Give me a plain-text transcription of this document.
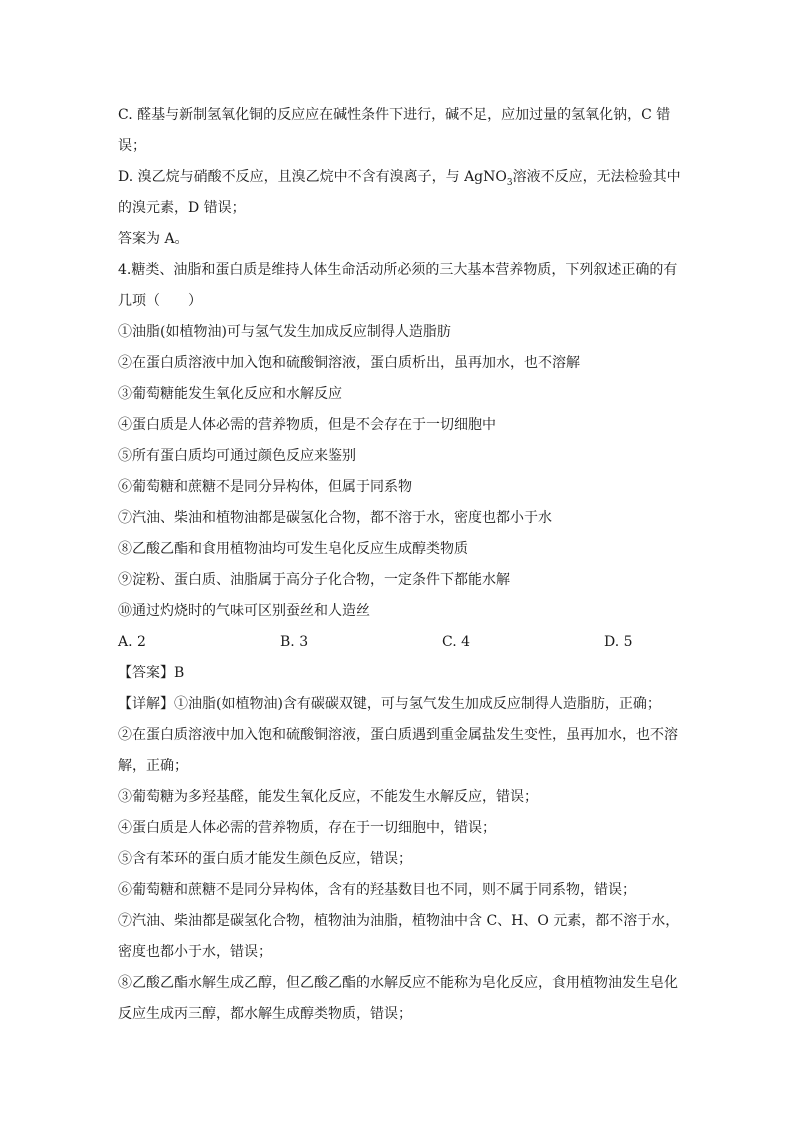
C. 醛基与新制氢氧化铜的反应应在碱性条件下进行，碱不足，应加过量的氢氧化钠，C 错
误；
D. 溴乙烷与硝酸不反应，且溴乙烷中不含有溴离子，与 AgNO$_3$溶液不反应，无法检验其中
的溴元素，D 错误；
答案为 A。
4.糖类、油脂和蛋白质是维持人体生命活动所必须的三大基本营养物质，下列叙述正确的有
几项（　　）
①油脂(如植物油)可与氢气发生加成反应制得人造脂肪
②在蛋白质溶液中加入饱和硫酸铜溶液，蛋白质析出，虽再加水，也不溶解
③葡萄糖能发生氧化反应和水解反应
④蛋白质是人体必需的营养物质，但是不会存在于一切细胞中
⑤所有蛋白质均可通过颜色反应来鉴别
⑥葡萄糖和蔗糖不是同分异构体，但属于同系物
⑦汽油、柴油和植物油都是碳氢化合物，都不溶于水，密度也都小于水
⑧乙酸乙酯和食用植物油均可发生皂化反应生成醇类物质
⑨淀粉、蛋白质、油脂属于高分子化合物，一定条件下都能水解
⑩通过灼烧时的气味可区别蚕丝和人造丝
A. 2	B. 3	C. 4	D. 5
【答案】B
【详解】①油脂(如植物油)含有碳碳双键，可与氢气发生加成反应制得人造脂肪，正确；
②在蛋白质溶液中加入饱和硫酸铜溶液，蛋白质遇到重金属盐发生变性，虽再加水，也不溶
解，正确；
③葡萄糖为多羟基醛，能发生氧化反应，不能发生水解反应，错误；
④蛋白质是人体必需的营养物质，存在于一切细胞中，错误；
⑤含有苯环的蛋白质才能发生颜色反应，错误；
⑥葡萄糖和蔗糖不是同分异构体，含有的羟基数目也不同，则不属于同系物，错误；
⑦汽油、柴油都是碳氢化合物，植物油为油脂，植物油中含 C、H、O 元素，都不溶于水，
密度也都小于水，错误；
⑧乙酸乙酯水解生成乙醇，但乙酸乙酯的水解反应不能称为皂化反应，食用植物油发生皂化
反应生成丙三醇，都水解生成醇类物质，错误；
